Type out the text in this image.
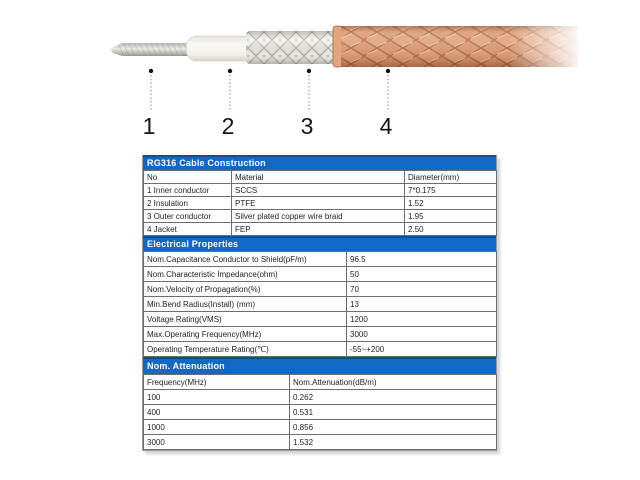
1	2	3	4
RG316 Cable Construction
No	Material	Diameter(mm)
1 Inner conductor	SCCS	7*0.175
2 Insulation	PTFE	1.52
3 Outer conductor	Silver plated copper wire braid	1.95
4 Jacket	FEP	2.50
Electrical Properties
Nom.Capacitance Conductor to Shield(pF/m)	96.5
Nom.Characteristic Impedance(ohm)	50
Nom.Velocity of Propagation(%)	70
Min.Bend Radius(Install) (mm)	13
Voltage Rating(VMS)	1200
Max.Operating Frequency(MHz)	3000
Operating Temperature Rating(℃)	-55~+200
Nom. Attenuation
Frequency(MHz)	Nom.Attenuation(dB/m)
100	0.262
400	0.531
1000	0.856
3000	1.532
